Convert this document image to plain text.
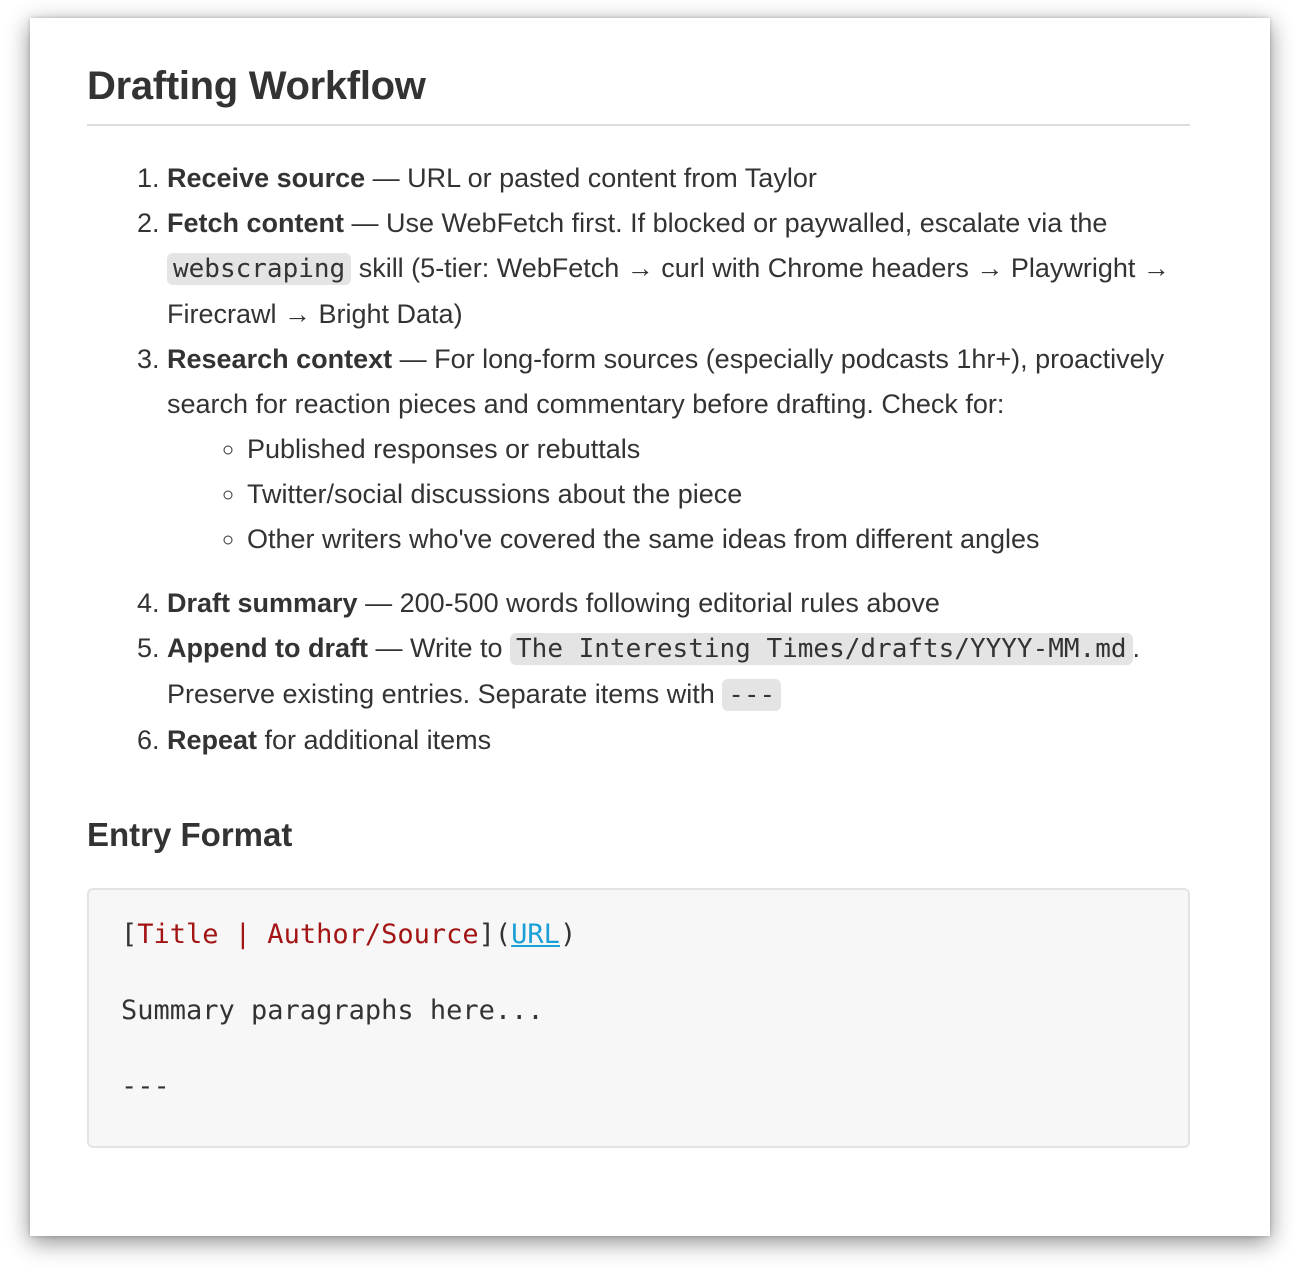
Drafting Workflow
1. Receive source — URL or pasted content from Taylor
2. Fetch content — Use WebFetch first. If blocked or paywalled, escalate via the webscraping skill (5-tier: WebFetch → curl with Chrome headers → Playwright → Firecrawl → Bright Data)
3. Research context — For long-form sources (especially podcasts 1hr+), proactively search for reaction pieces and commentary before drafting. Check for:
◦ Published responses or rebuttals
◦ Twitter/social discussions about the piece
◦ Other writers who've covered the same ideas from different angles
4. Draft summary — 200-500 words following editorial rules above
5. Append to draft — Write to The Interesting Times/drafts/YYYY-MM.md . Preserve existing entries. Separate items with ---
6. Repeat for additional items
Entry Format
[Title | Author/Source](URL)

Summary paragraphs here...

---
